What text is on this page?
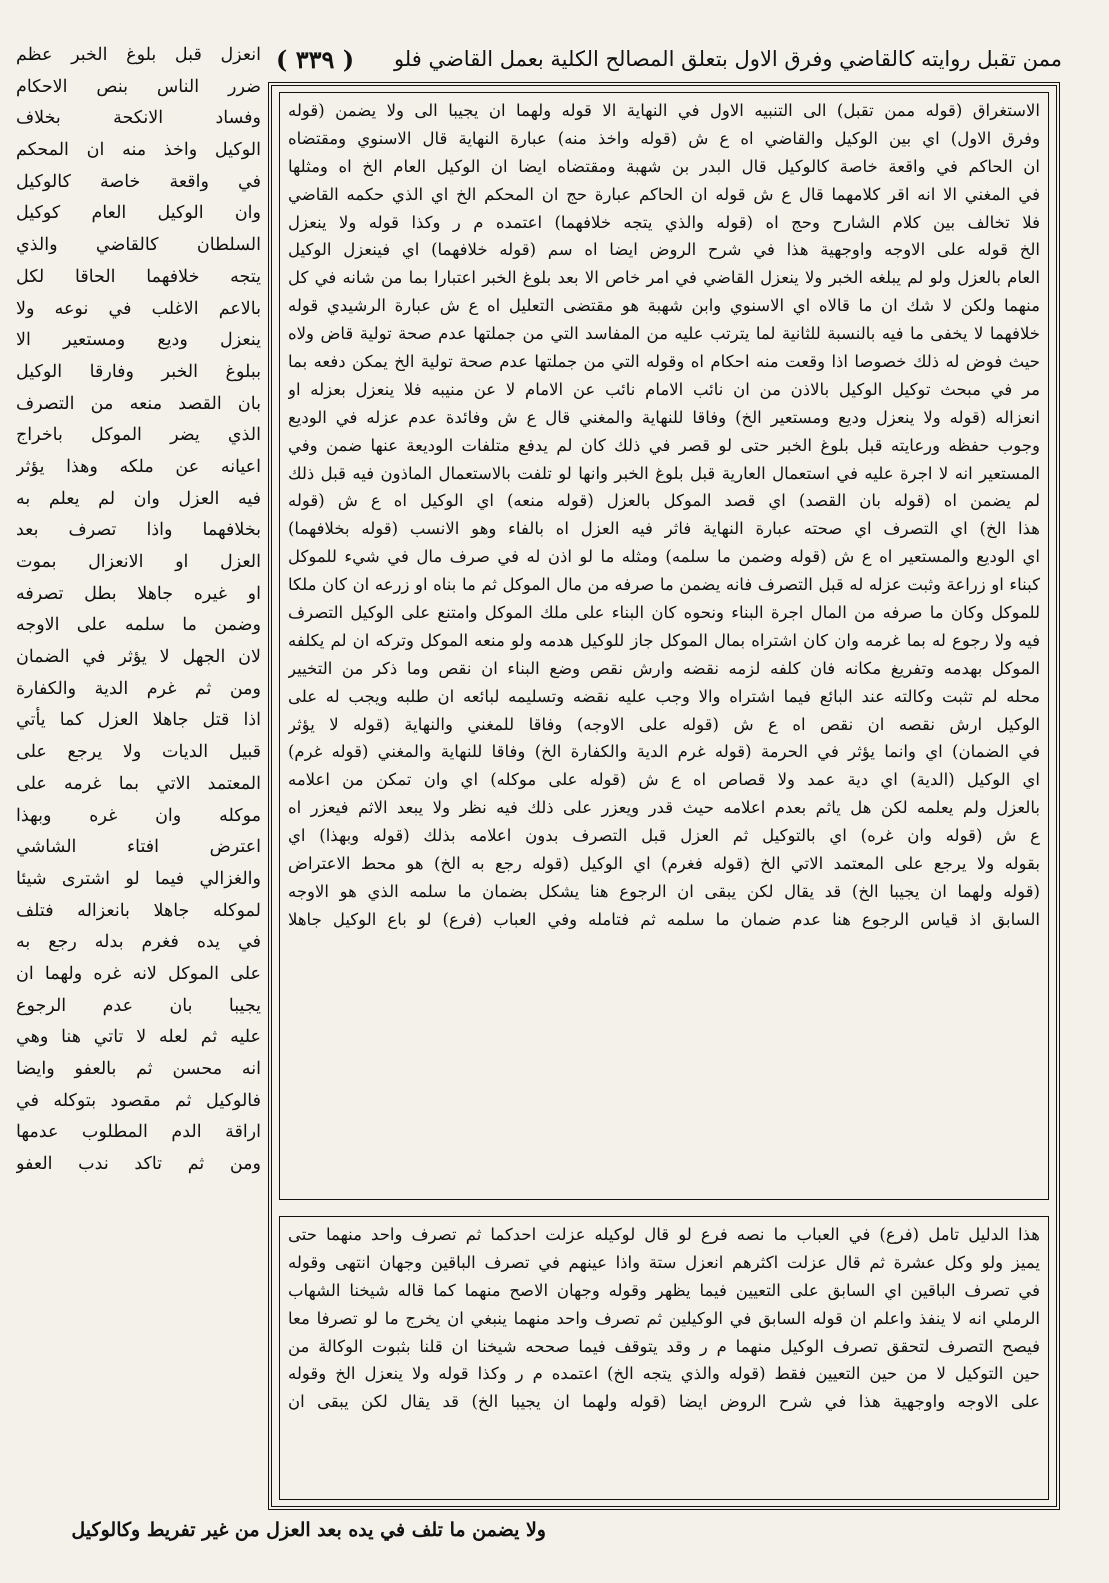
ممن تقبل روايته كالقاضي وفرق الاول بتعلق المصالح الكلية بعمل القاضي فلو
( ٣٣٩ )
انعزل قبل بلوغ الخبر عظم
ضرر الناس بنص الاحكام
وفساد الانكحة بخلاف
الوكيل واخذ منه ان المحكم
في واقعة خاصة كالوكيل
وان الوكيل العام كوكيل
السلطان كالقاضي والذي
يتجه خلافهما الحاقا لكل
بالاعم الاغلب في نوعه ولا
ينعزل وديع ومستعير الا
ببلوغ الخبر وفارقا الوكيل
بان القصد منعه من التصرف
الذي يضر الموكل باخراج
اعيانه عن ملكه وهذا يؤثر
فيه العزل وان لم يعلم به
بخلافهما واذا تصرف بعد
العزل او الانعزال بموت
او غيره جاهلا بطل تصرفه
وضمن ما سلمه على الاوجه
لان الجهل لا يؤثر في الضمان
ومن ثم غرم الدية والكفارة
اذا قتل جاهلا العزل كما يأتي
قبيل الديات ولا يرجع على
المعتمد الاتي بما غرمه على
موكله وان غره وبهذا
اعترض افتاء الشاشي
والغزالي فيما لو اشترى شيئا
لموكله جاهلا بانعزاله فتلف
في يده فغرم بدله رجع به
على الموكل لانه غره ولهما ان
يجيبا بان عدم الرجوع
عليه ثم لعله لا تاتي هنا وهي
انه محسن ثم بالعفو وايضا
فالوكيل ثم مقصود بتوكله في
اراقة الدم المطلوب عدمها
ومن ثم تاكد ندب العفو
الاستغراق (قوله ممن تقبل) الى التنبيه الاول في النهاية الا قوله ولهما ان يجيبا الى ولا يضمن (قوله
وفرق الاول) اي بين الوكيل والقاضي اه ع ش (قوله واخذ منه) عبارة النهاية قال الاسنوي ومقتضاه
ان الحاكم في واقعة خاصة كالوكيل قال البدر بن شهبة ومقتضاه ايضا ان الوكيل العام الخ اه ومثلها
في المغني الا انه اقر كلامهما قال ع ش قوله ان الحاكم عبارة حج ان المحكم الخ اي الذي حكمه القاضي
فلا تخالف بين كلام الشارح وحج اه (قوله والذي يتجه خلافهما) اعتمده م ر وكذا قوله ولا ينعزل
الخ قوله على الاوجه واوجهية هذا في شرح الروض ايضا اه سم (قوله خلافهما) اي فينعزل الوكيل
العام بالعزل ولو لم يبلغه الخبر ولا ينعزل القاضي في امر خاص الا بعد بلوغ الخبر اعتبارا بما من شانه في كل
منهما ولكن لا شك ان ما قالاه اي الاسنوي وابن شهبة هو مقتضى التعليل اه ع ش عبارة الرشيدي قوله
خلافهما لا يخفى ما فيه بالنسبة للثانية لما يترتب عليه من المفاسد التي من جملتها عدم صحة تولية قاض ولاه
حيث فوض له ذلك خصوصا اذا وقعت منه احكام اه وقوله التي من جملتها عدم صحة تولية الخ يمكن دفعه بما
مر في مبحث توكيل الوكيل بالاذن من ان نائب الامام نائب عن الامام لا عن منيبه فلا ينعزل بعزله او
انعزاله (قوله ولا ينعزل وديع ومستعير الخ) وفاقا للنهاية والمغني قال ع ش وفائدة عدم عزله في الوديع
وجوب حفظه ورعايته قبل بلوغ الخبر حتى لو قصر في ذلك كان لم يدفع متلفات الوديعة عنها ضمن وفي
المستعير انه لا اجرة عليه في استعمال العارية قبل بلوغ الخبر وانها لو تلفت بالاستعمال الماذون فيه قبل ذلك
لم يضمن اه (قوله بان القصد) اي قصد الموكل بالعزل (قوله منعه) اي الوكيل اه ع ش (قوله
هذا الخ) اي التصرف اي صحته عبارة النهاية فاثر فيه العزل اه بالفاء وهو الانسب (قوله بخلافهما)
اي الوديع والمستعير اه ع ش (قوله وضمن ما سلمه) ومثله ما لو اذن له في صرف مال في شيء للموكل
كبناء او زراعة وثبت عزله له قبل التصرف فانه يضمن ما صرفه من مال الموكل ثم ما بناه او زرعه ان كان ملكا
للموكل وكان ما صرفه من المال اجرة البناء ونحوه كان البناء على ملك الموكل وامتنع على الوكيل التصرف
فيه ولا رجوع له بما غرمه وان كان اشتراه بمال الموكل جاز للوكيل هدمه ولو منعه الموكل وتركه ان لم يكلفه
الموكل بهدمه وتفريغ مكانه فان كلفه لزمه نقضه وارش نقص وضع البناء ان نقص وما ذكر من التخيير
محله لم تثبت وكالته عند البائع فيما اشتراه والا وجب عليه نقضه وتسليمه لبائعه ان طلبه ويجب له على
الوكيل ارش نقصه ان نقص اه ع ش (قوله على الاوجه) وفاقا للمغني والنهاية (قوله لا يؤثر
في الضمان) اي وانما يؤثر في الحرمة (قوله غرم الدية والكفارة الخ) وفاقا للنهاية والمغني (قوله غرم)
اي الوكيل (الدية) اي دية عمد ولا قصاص اه ع ش (قوله على موكله) اي وان تمكن من اعلامه
بالعزل ولم يعلمه لكن هل ياثم بعدم اعلامه حيث قدر ويعزر على ذلك فيه نظر ولا يبعد الاثم فيعزر اه
ع ش (قوله وان غره) اي بالتوكيل ثم العزل قبل التصرف بدون اعلامه بذلك (قوله وبهذا) اي
بقوله ولا يرجع على المعتمد الاتي الخ (قوله فغرم) اي الوكيل (قوله رجع به الخ) هو محط الاعتراض
(قوله ولهما ان يجيبا الخ) قد يقال لكن يبقى ان الرجوع هنا يشكل بضمان ما سلمه الذي هو الاوجه
السابق اذ قياس الرجوع هنا عدم ضمان ما سلمه ثم فتامله وفي العباب (فرع) لو باع الوكيل جاهلا
هذا الدليل تامل (فرع) في العباب ما نصه فرع لو قال لوكيله عزلت احدكما ثم تصرف واحد منهما حتى
يميز ولو وكل عشرة ثم قال عزلت اكثرهم انعزل ستة واذا عينهم في تصرف الباقين وجهان انتهى وقوله
في تصرف الباقين اي السابق على التعيين فيما يظهر وقوله وجهان الاصح منهما كما قاله شيخنا الشهاب
الرملي انه لا ينفذ واعلم ان قوله السابق في الوكيلين ثم تصرف واحد منهما ينبغي ان يخرج ما لو تصرفا معا
فيصح التصرف لتحقق تصرف الوكيل منهما م ر وقد يتوقف فيما صححه شيخنا ان قلنا بثبوت الوكالة من
حين التوكيل لا من حين التعيين فقط (قوله والذي يتجه الخ) اعتمده م ر وكذا قوله ولا ينعزل الخ وقوله
على الاوجه واوجهية هذا في شرح الروض ايضا (قوله ولهما ان يجيبا الخ) قد يقال لكن يبقى ان
ولا يضمن ما تلف في يده بعد العزل من غير تفريط وكالوكيل
